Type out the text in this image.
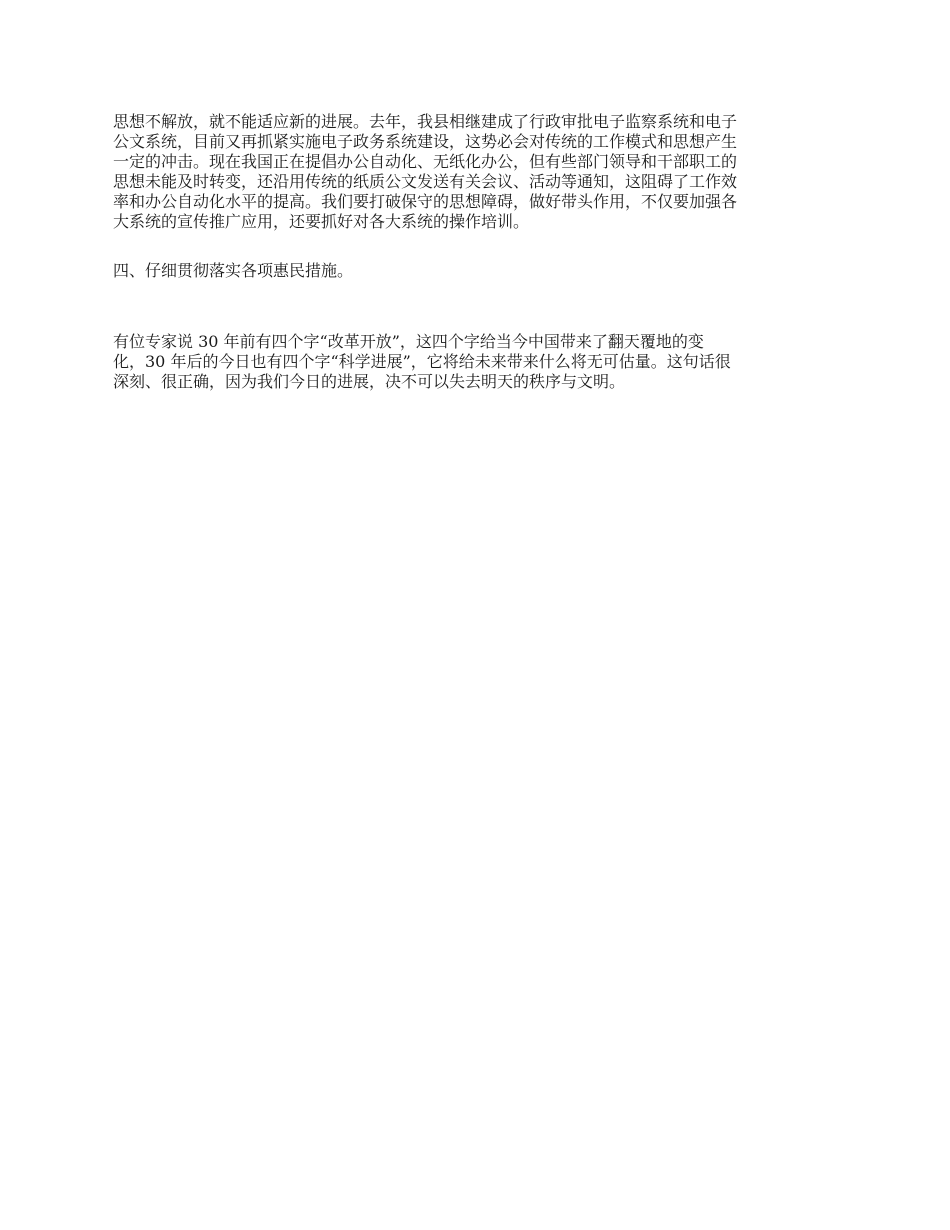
思想不解放，就不能适应新的进展。去年，我县相继建成了行政审批电子监察系统和电子
公文系统，目前又再抓紧实施电子政务系统建设，这势必会对传统的工作模式和思想产生
一定的冲击。现在我国正在提倡办公自动化、无纸化办公，但有些部门领导和干部职工的
思想未能及时转变，还沿用传统的纸质公文发送有关会议、活动等通知，这阻碍了工作效
率和办公自动化水平的提高。我们要打破保守的思想障碍，做好带头作用，不仅要加强各
大系统的宣传推广应用，还要抓好对各大系统的操作培训。

四、仔细贯彻落实各项惠民措施。

有位专家说 30 年前有四个字“改革开放”，这四个字给当今中国带来了翻天覆地的变
化，30 年后的今日也有四个字“科学进展”，它将给未来带来什么将无可估量。这句话很
深刻、很正确，因为我们今日的进展，决不可以失去明天的秩序与文明。
